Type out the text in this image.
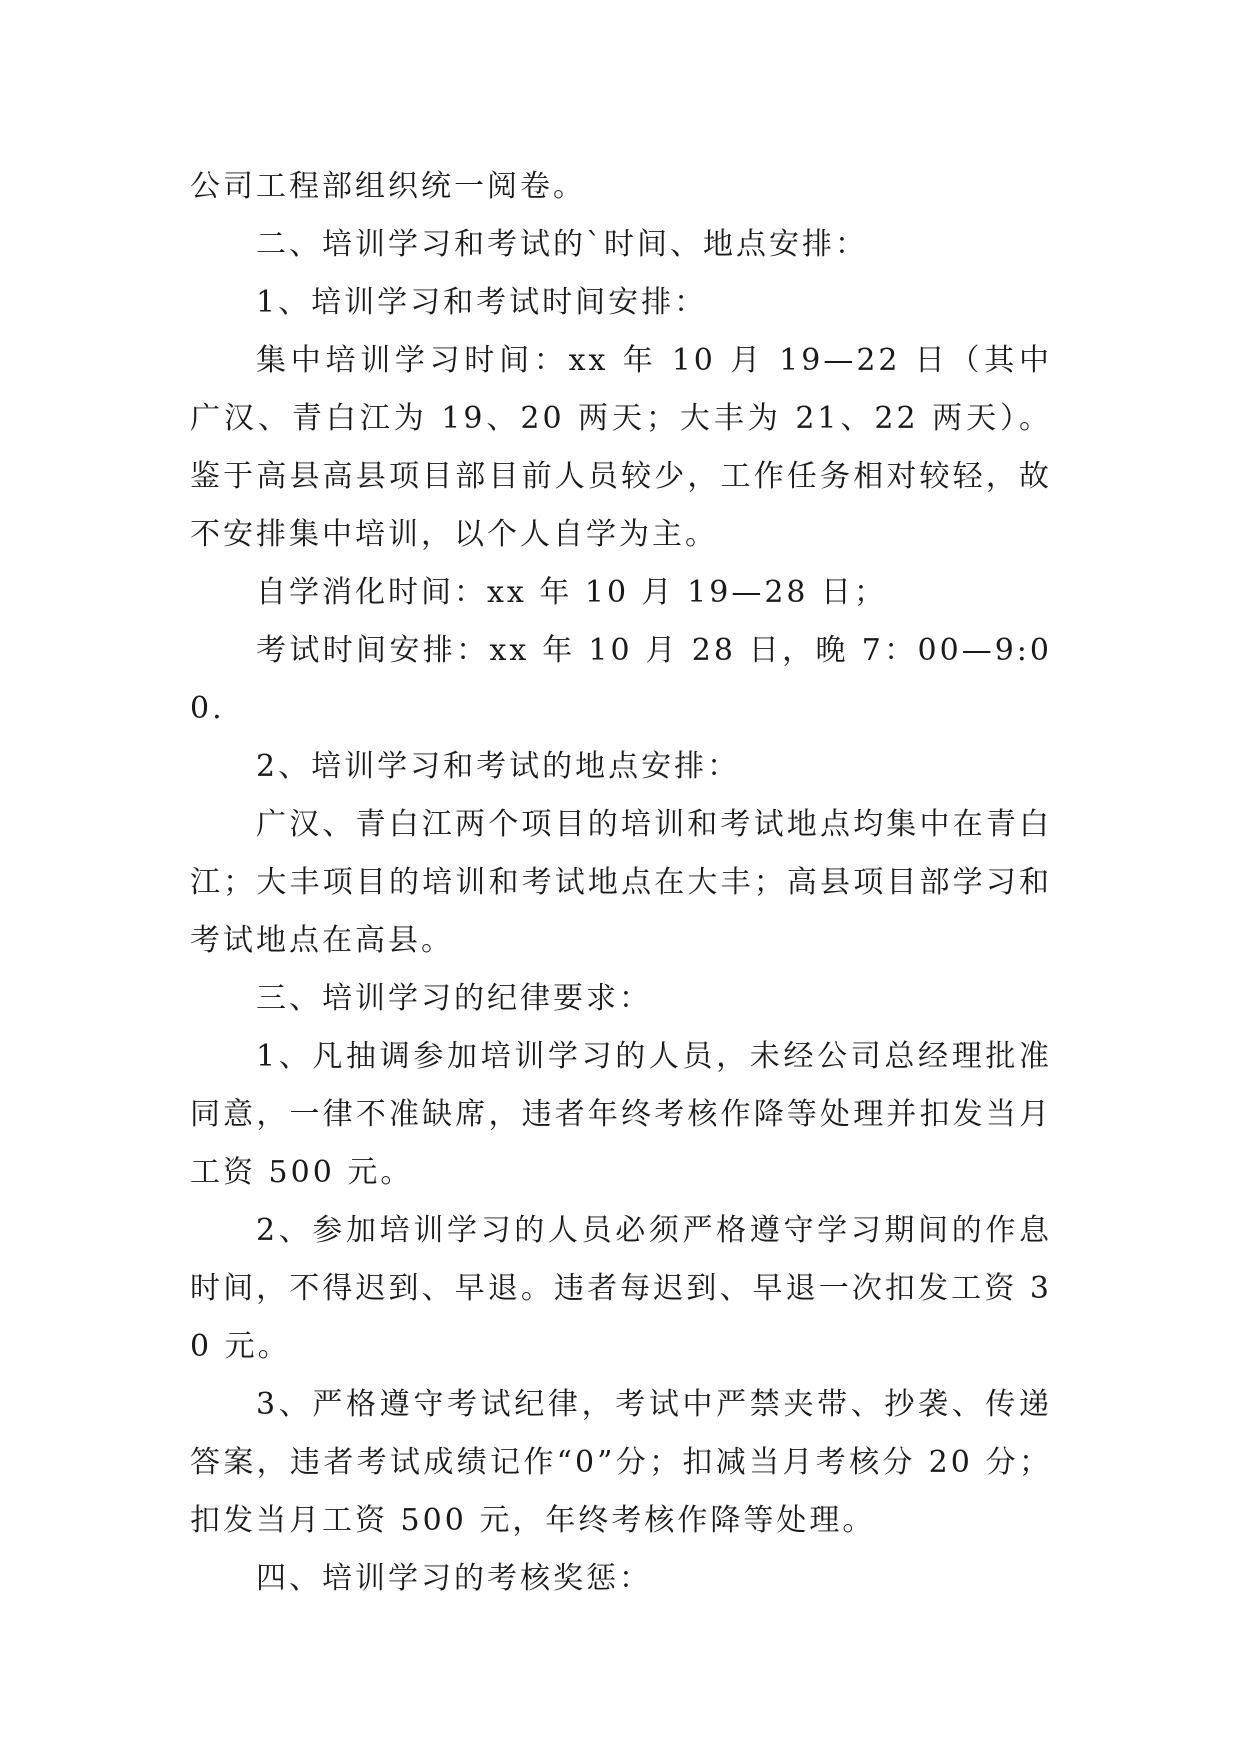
公司工程部组织统一阅卷。

二、培训学习和考试的`时间、地点安排：

1、培训学习和考试时间安排：

集中培训学习时间：xx 年 10 月 19—22 日（其中广汉、青白江为 19、20 两天；大丰为 21、22 两天）。鉴于高县高县项目部目前人员较少，工作任务相对较轻，故不安排集中培训，以个人自学为主。

自学消化时间：xx 年 10 月 19—28 日；

考试时间安排：xx 年 10 月 28 日，晚 7：00—9:00.

2、培训学习和考试的地点安排：

广汉、青白江两个项目的培训和考试地点均集中在青白江；大丰项目的培训和考试地点在大丰；高县项目部学习和考试地点在高县。

三、培训学习的纪律要求：

1、凡抽调参加培训学习的人员，未经公司总经理批准同意，一律不准缺席，违者年终考核作降等处理并扣发当月工资 500 元。

2、参加培训学习的人员必须严格遵守学习期间的作息时间，不得迟到、早退。违者每迟到、早退一次扣发工资 30 元。

3、严格遵守考试纪律，考试中严禁夹带、抄袭、传递答案，违者考试成绩记作“0”分；扣减当月考核分 20 分；扣发当月工资 500 元，年终考核作降等处理。

四、培训学习的考核奖惩：
